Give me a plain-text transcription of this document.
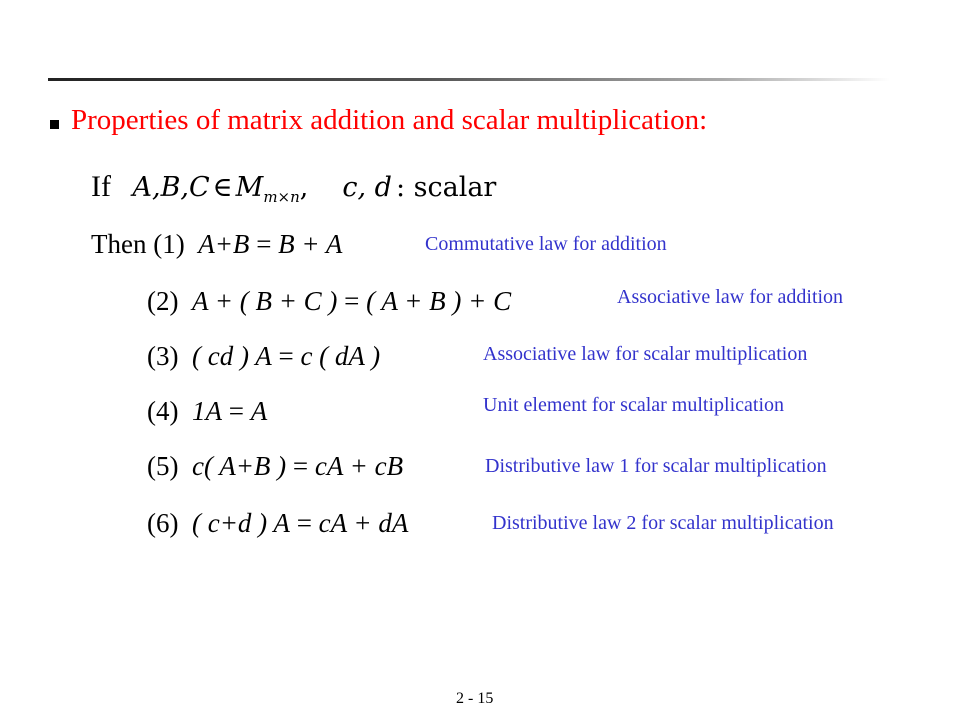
Properties of matrix addition and scalar multiplication:
If A,B,C ∈ $M_{m\times n}$, c, d : scalar
Then (1) A+B = B + A	Commutative law for addition
(2) A + ( B + C ) = ( A + B ) + C	Associative law for addition
(3) ( cd ) A = c ( dA )	Associative law for scalar multiplication
(4) 1A = A	Unit element for scalar multiplication
(5) c( A+B ) = cA + cB	Distributive law 1 for scalar multiplication
(6) ( c+d ) A = cA + dA	Distributive law 2 for scalar multiplication
2 - 15
